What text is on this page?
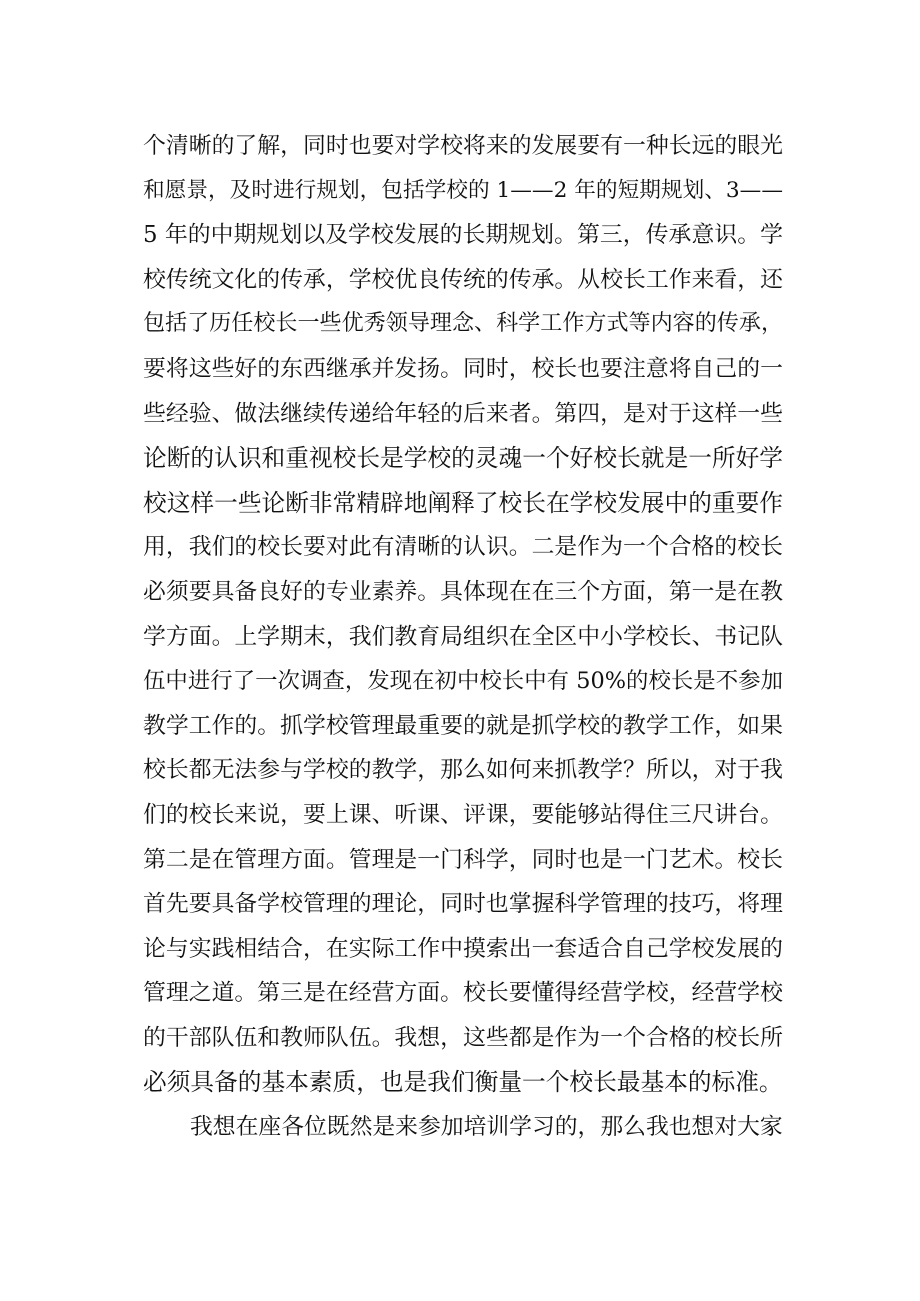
个清晰的了解，同时也要对学校将来的发展要有一种长远的眼光
和愿景，及时进行规划，包括学校的 1——2 年的短期规划、3——
5 年的中期规划以及学校发展的长期规划。第三，传承意识。学
校传统文化的传承，学校优良传统的传承。从校长工作来看，还
包括了历任校长一些优秀领导理念、科学工作方式等内容的传承，
要将这些好的东西继承并发扬。同时，校长也要注意将自己的一
些经验、做法继续传递给年轻的后来者。第四，是对于这样一些
论断的认识和重视校长是学校的灵魂一个好校长就是一所好学
校这样一些论断非常精辟地阐释了校长在学校发展中的重要作
用，我们的校长要对此有清晰的认识。二是作为一个合格的校长
必须要具备良好的专业素养。具体现在在三个方面，第一是在教
学方面。上学期末，我们教育局组织在全区中小学校长、书记队
伍中进行了一次调查，发现在初中校长中有 50%的校长是不参加
教学工作的。抓学校管理最重要的就是抓学校的教学工作，如果
校长都无法参与学校的教学，那么如何来抓教学？所以，对于我
们的校长来说，要上课、听课、评课，要能够站得住三尺讲台。
第二是在管理方面。管理是一门科学，同时也是一门艺术。校长
首先要具备学校管理的理论，同时也掌握科学管理的技巧，将理
论与实践相结合，在实际工作中摸索出一套适合自己学校发展的
管理之道。第三是在经营方面。校长要懂得经营学校，经营学校
的干部队伍和教师队伍。我想，这些都是作为一个合格的校长所
必须具备的基本素质，也是我们衡量一个校长最基本的标准。
我想在座各位既然是来参加培训学习的，那么我也想对大家
